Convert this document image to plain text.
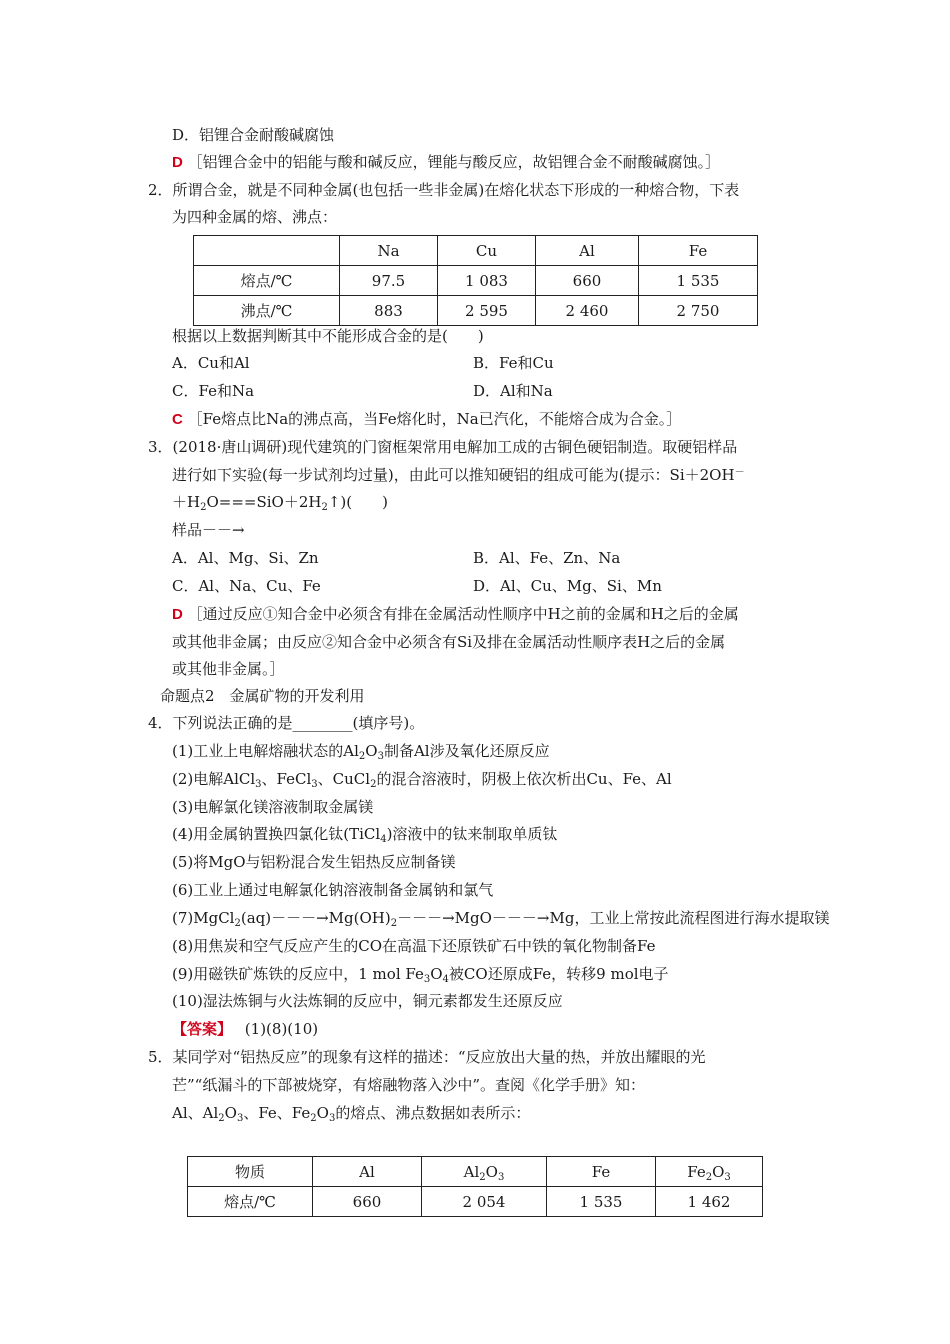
D．铝锂合金耐酸碱腐蚀
D ［铝锂合金中的铝能与酸和碱反应，锂能与酸反应，故铝锂合金不耐酸碱腐蚀。］
2．所谓合金，就是不同种金属(也包括一些非金属)在熔化状态下形成的一种熔合物，下表
为四种金属的熔、沸点：
	Na	Cu	Al	Fe
熔点/℃	97.5	1 083	660	1 535
沸点/℃	883	2 595	2 460	2 750
根据以上数据判断其中不能形成合金的是(　　)
A．Cu和Al	B．Fe和Cu
C．Fe和Na	D．Al和Na
C ［Fe熔点比Na的沸点高，当Fe熔化时，Na已汽化，不能熔合成为合金。］
3．(2018·唐山调研)现代建筑的门窗框架常用电解加工成的古铜色硬铝制造。取硬铝样品
进行如下实验(每一步试剂均过量)，由此可以推知硬铝的组成可能为(提示：Si＋2OH－
$+H_2O===SiO+2H_2↑$)(　　)
样品－－→
A．Al、Mg、Si、Zn	B．Al、Fe、Zn、Na
C．Al、Na、Cu、Fe	D．Al、Cu、Mg、Si、Mn
D ［通过反应①知合金中必须含有排在金属活动性顺序中H之前的金属和H之后的金属
或其他非金属；由反应②知合金中必须含有Si及排在金属活动性顺序表H之后的金属
或其他非金属。］
命题点2　金属矿物的开发利用
4．下列说法正确的是________(填序号)。
(1)工业上电解熔融状态的$Al_2O_3$制备Al涉及氧化还原反应
(2)电解AlCl$_3$、FeCl$_3$、CuCl$_2$的混合溶液时，阴极上依次析出Cu、Fe、Al
(3)电解氯化镁溶液制取金属镁
(4)用金属钠置换四氯化钛(TiCl$_4$)溶液中的钛来制取单质钛
(5)将MgO与铝粉混合发生铝热反应制备镁
(6)工业上通过电解氯化钠溶液制备金属钠和氯气
$(7)MgCl_2(aq)---\to Mg(OH)_2---\to MgO---\to Mg$，工业上常按此流程图进行海水提取镁
(8)用焦炭和空气反应产生的CO在高温下还原铁矿石中铁的氧化物制备Fe
(9)用磁铁矿炼铁的反应中，1 mol $Fe_3O_4$被CO还原成Fe，转移9 mol电子
(10)湿法炼铜与火法炼铜的反应中，铜元素都发生还原反应
【答案】 (1)(8)(10)
5．某同学对“铝热反应”的现象有这样的描述：“反应放出大量的热，并放出耀眼的光
芒”“纸漏斗的下部被烧穿，有熔融物落入沙中”。查阅《化学手册》知：
Al、$Al_2O_3$、Fe、$Fe_2O_3$的熔点、沸点数据如表所示：
物质	Al	$Al_2O_3$	Fe	$Fe_2O_3$
熔点/℃	660	2 054	1 535	1 462
